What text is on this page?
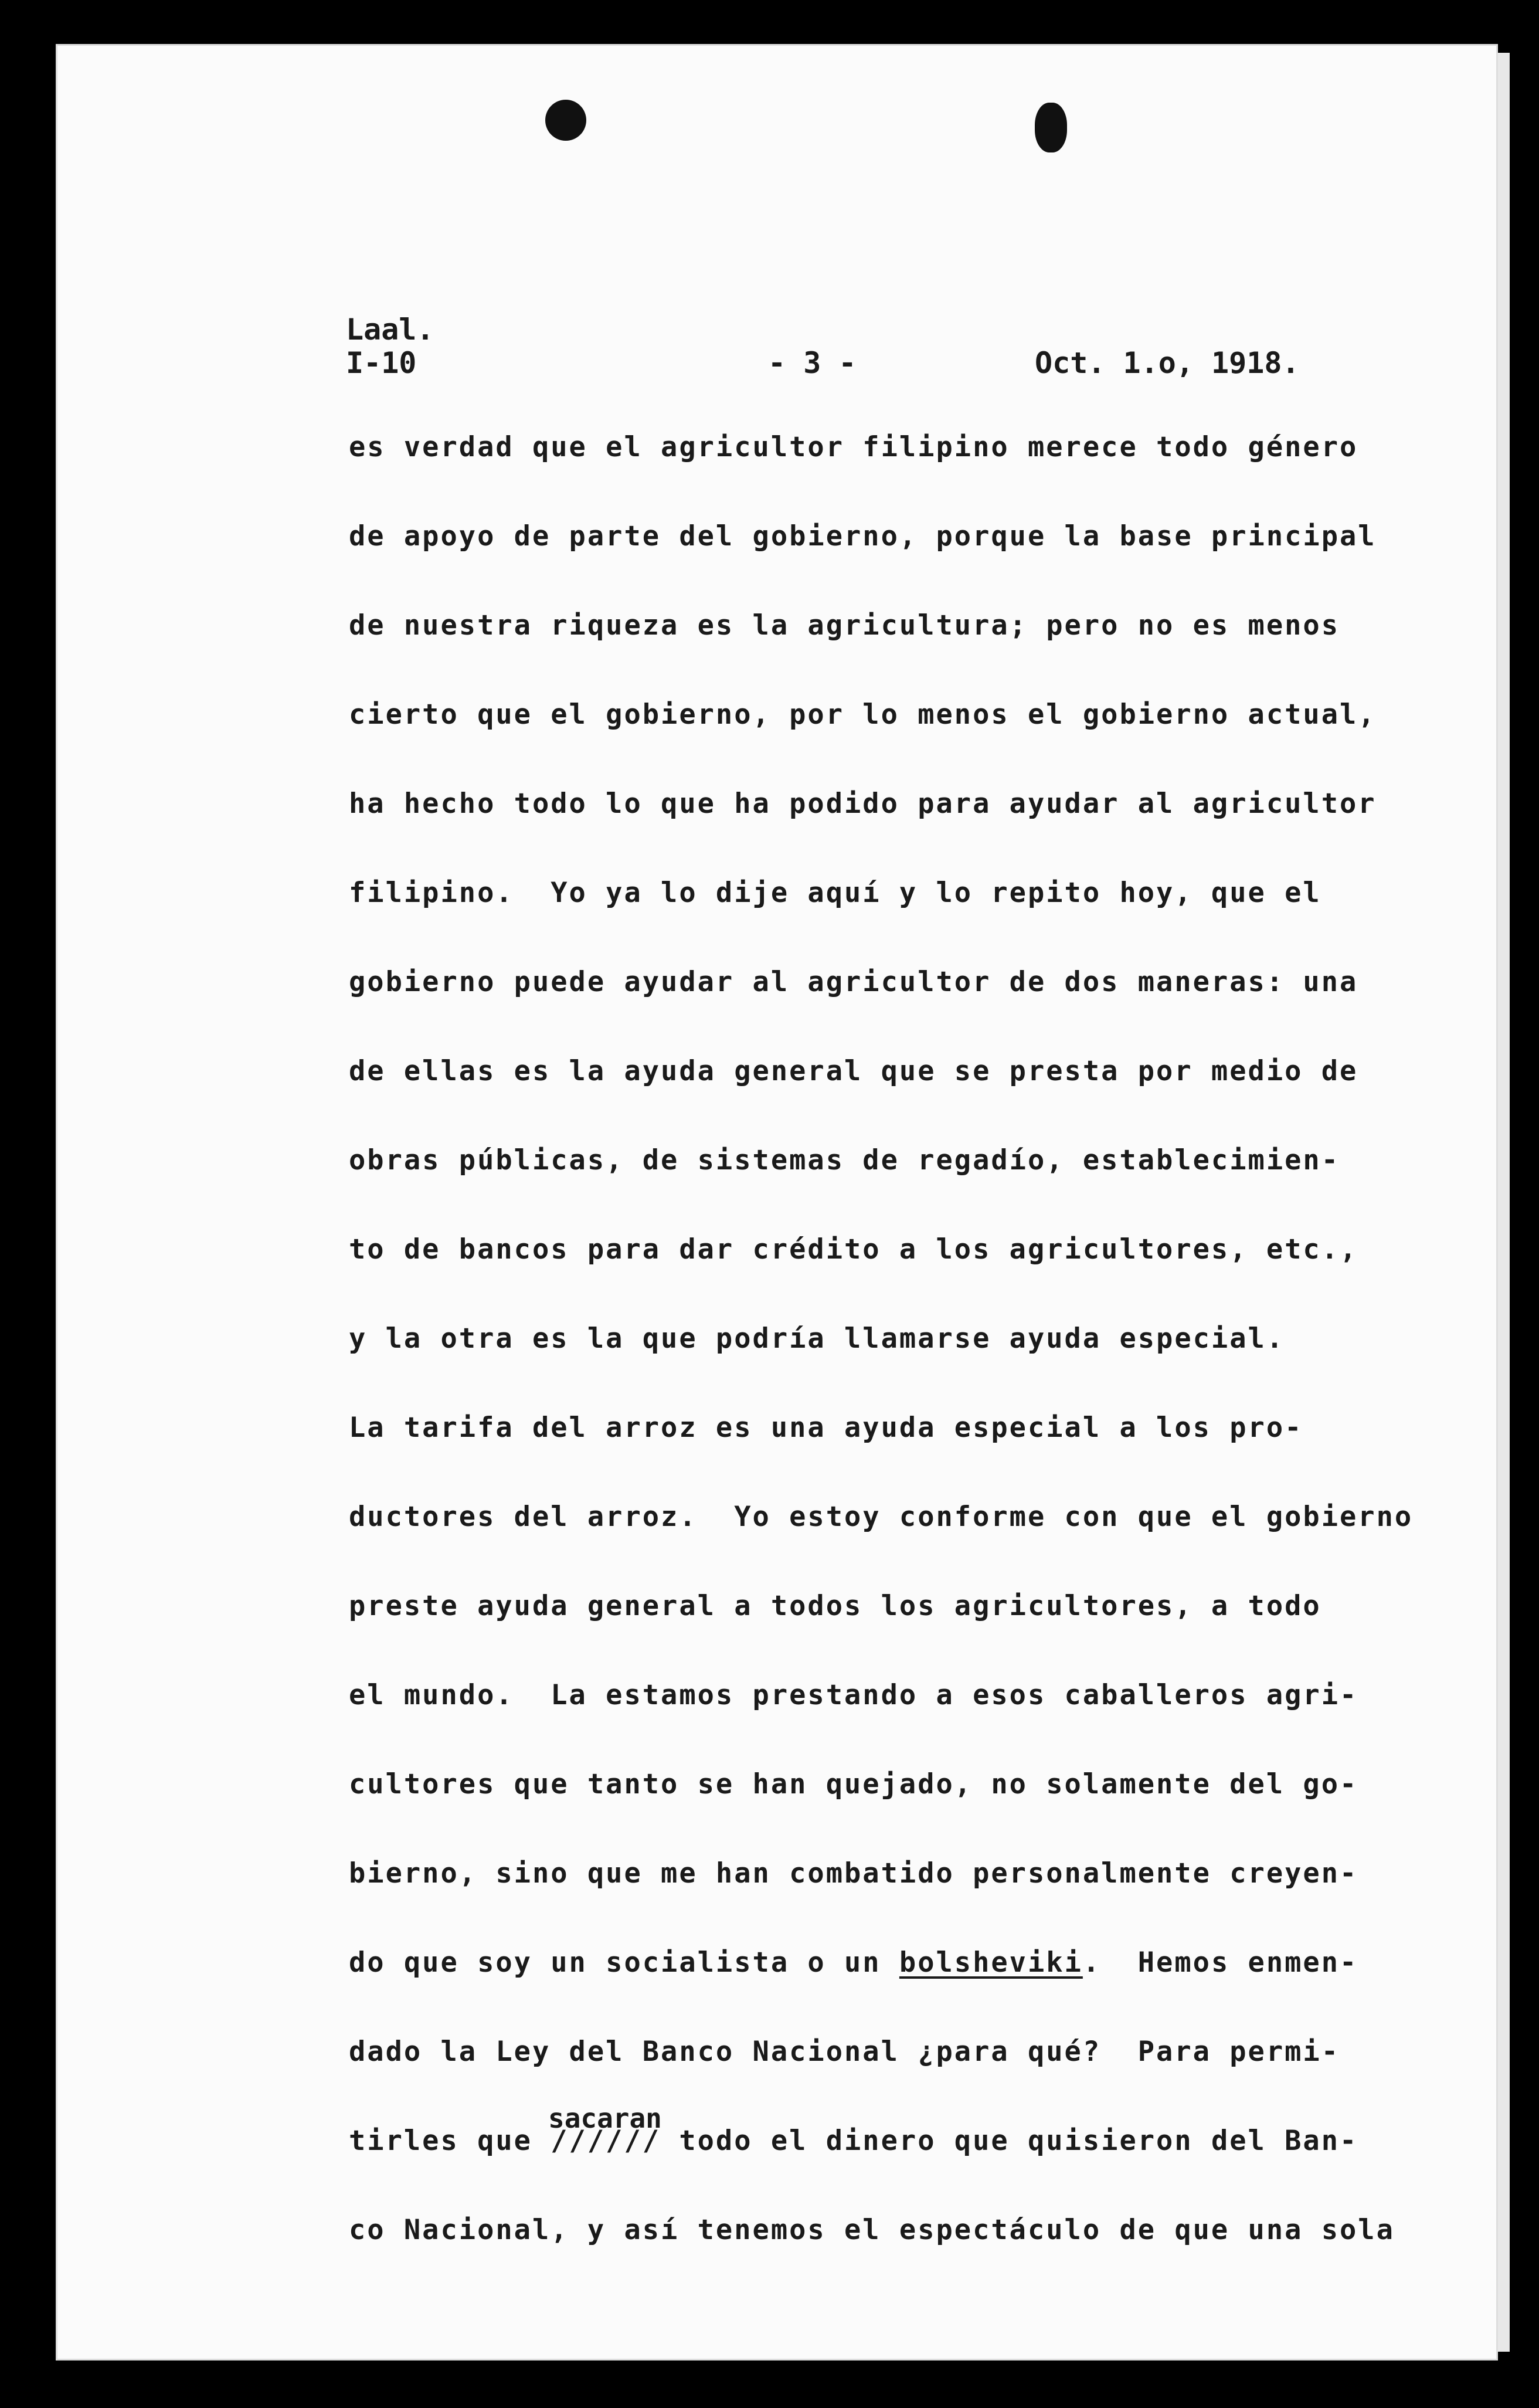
Laal.
I-10	- 3 -	Oct. 1.o, 1918.
sacaran
es verdad que el agricultor filipino merece todo género
de apoyo de parte del gobierno, porque la base principal
de nuestra riqueza es la agricultura; pero no es menos
cierto que el gobierno, por lo menos el gobierno actual,
ha hecho todo lo que ha podido para ayudar al agricultor
filipino.  Yo ya lo dije aquí y lo repito hoy, que el
gobierno puede ayudar al agricultor de dos maneras: una
de ellas es la ayuda general que se presta por medio de
obras públicas, de sistemas de regadío, establecimien-
to de bancos para dar crédito a los agricultores, etc.,
y la otra es la que podría llamarse ayuda especial.
La tarifa del arroz es una ayuda especial a los pro-
ductores del arroz.  Yo estoy conforme con que el gobierno
preste ayuda general a todos los agricultores, a todo
el mundo.  La estamos prestando a esos caballeros agri-
cultores que tanto se han quejado, no solamente del go-
bierno, sino que me han combatido personalmente creyen-
do que soy un socialista o un bolsheviki.  Hemos enmen-
dado la Ley del Banco Nacional ¿para qué?  Para permi-
tirles que ////// todo el dinero que quisieron del Ban-
co Nacional, y así tenemos el espectáculo de que una sola
